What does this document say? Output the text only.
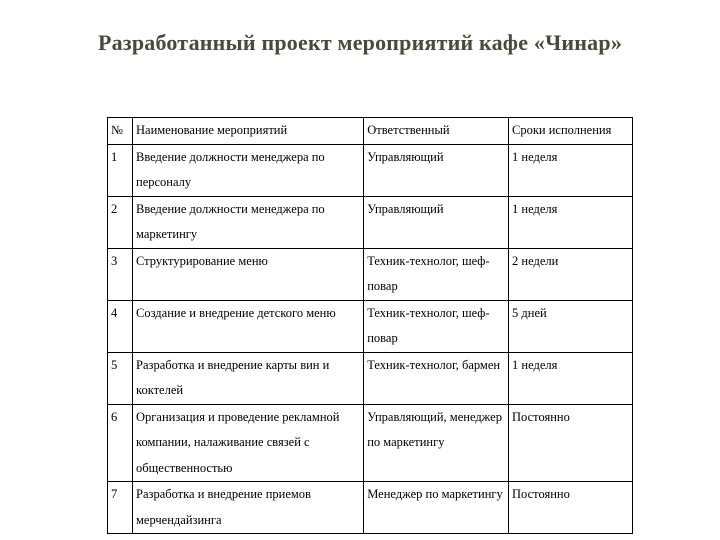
Разработанный проект мероприятий кафе «Чинар»
№	Наименование мероприятий	Ответственный	Сроки исполнения
1	Введение должности менеджера по персоналу	Управляющий	1 неделя
2	Введение должности менеджера по маркетингу	Управляющий	1 неделя
3	Структурирование меню	Техник-технолог, шеф-повар	2 недели
4	Создание и внедрение детского меню	Техник-технолог, шеф-повар	5 дней
5	Разработка и внедрение карты вин и коктелей	Техник-технолог, бармен	1 неделя
6	Организация и проведение рекламной компании, налаживание связей с общественностью	Управляющий, менеджер по маркетингу	Постоянно
7	Разработка и внедрение приемов мерчендайзинга	Менеджер по маркетингу	Постоянно
